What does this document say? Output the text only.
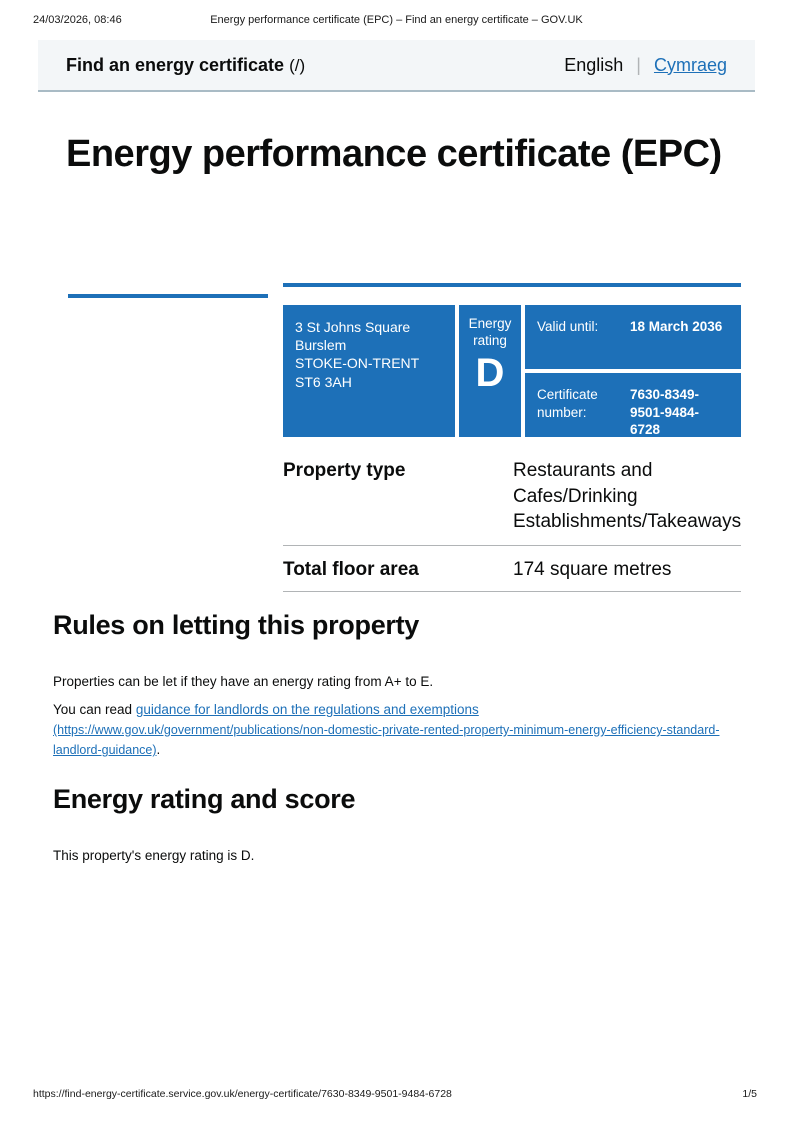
24/03/2026, 08:46	Energy performance certificate (EPC) – Find an energy certificate – GOV.UK
Find an energy certificate (/)	English | Cymraeg
Energy performance certificate (EPC)
3 St Johns Square
Burslem
STOKE-ON-TRENT
ST6 3AH
Energy rating
D
Valid until:	18 March 2036
Certificate number:
7630-8349-9501-9484-6728
Property type	Restaurants and Cafes/Drinking Establishments/Takeaways
Total floor area	174 square metres
Rules on letting this property

Properties can be let if they have an energy rating from A+ to E.

You can read guidance for landlords on the regulations and exemptions (https://www.gov.uk/government/publications/non-domestic-private-rented-property-minimum-energy-efficiency-standard-landlord-guidance).

Energy rating and score

This property's energy rating is D.

https://find-energy-certificate.service.gov.uk/energy-certificate/7630-8349-9501-9484-6728	1/5
